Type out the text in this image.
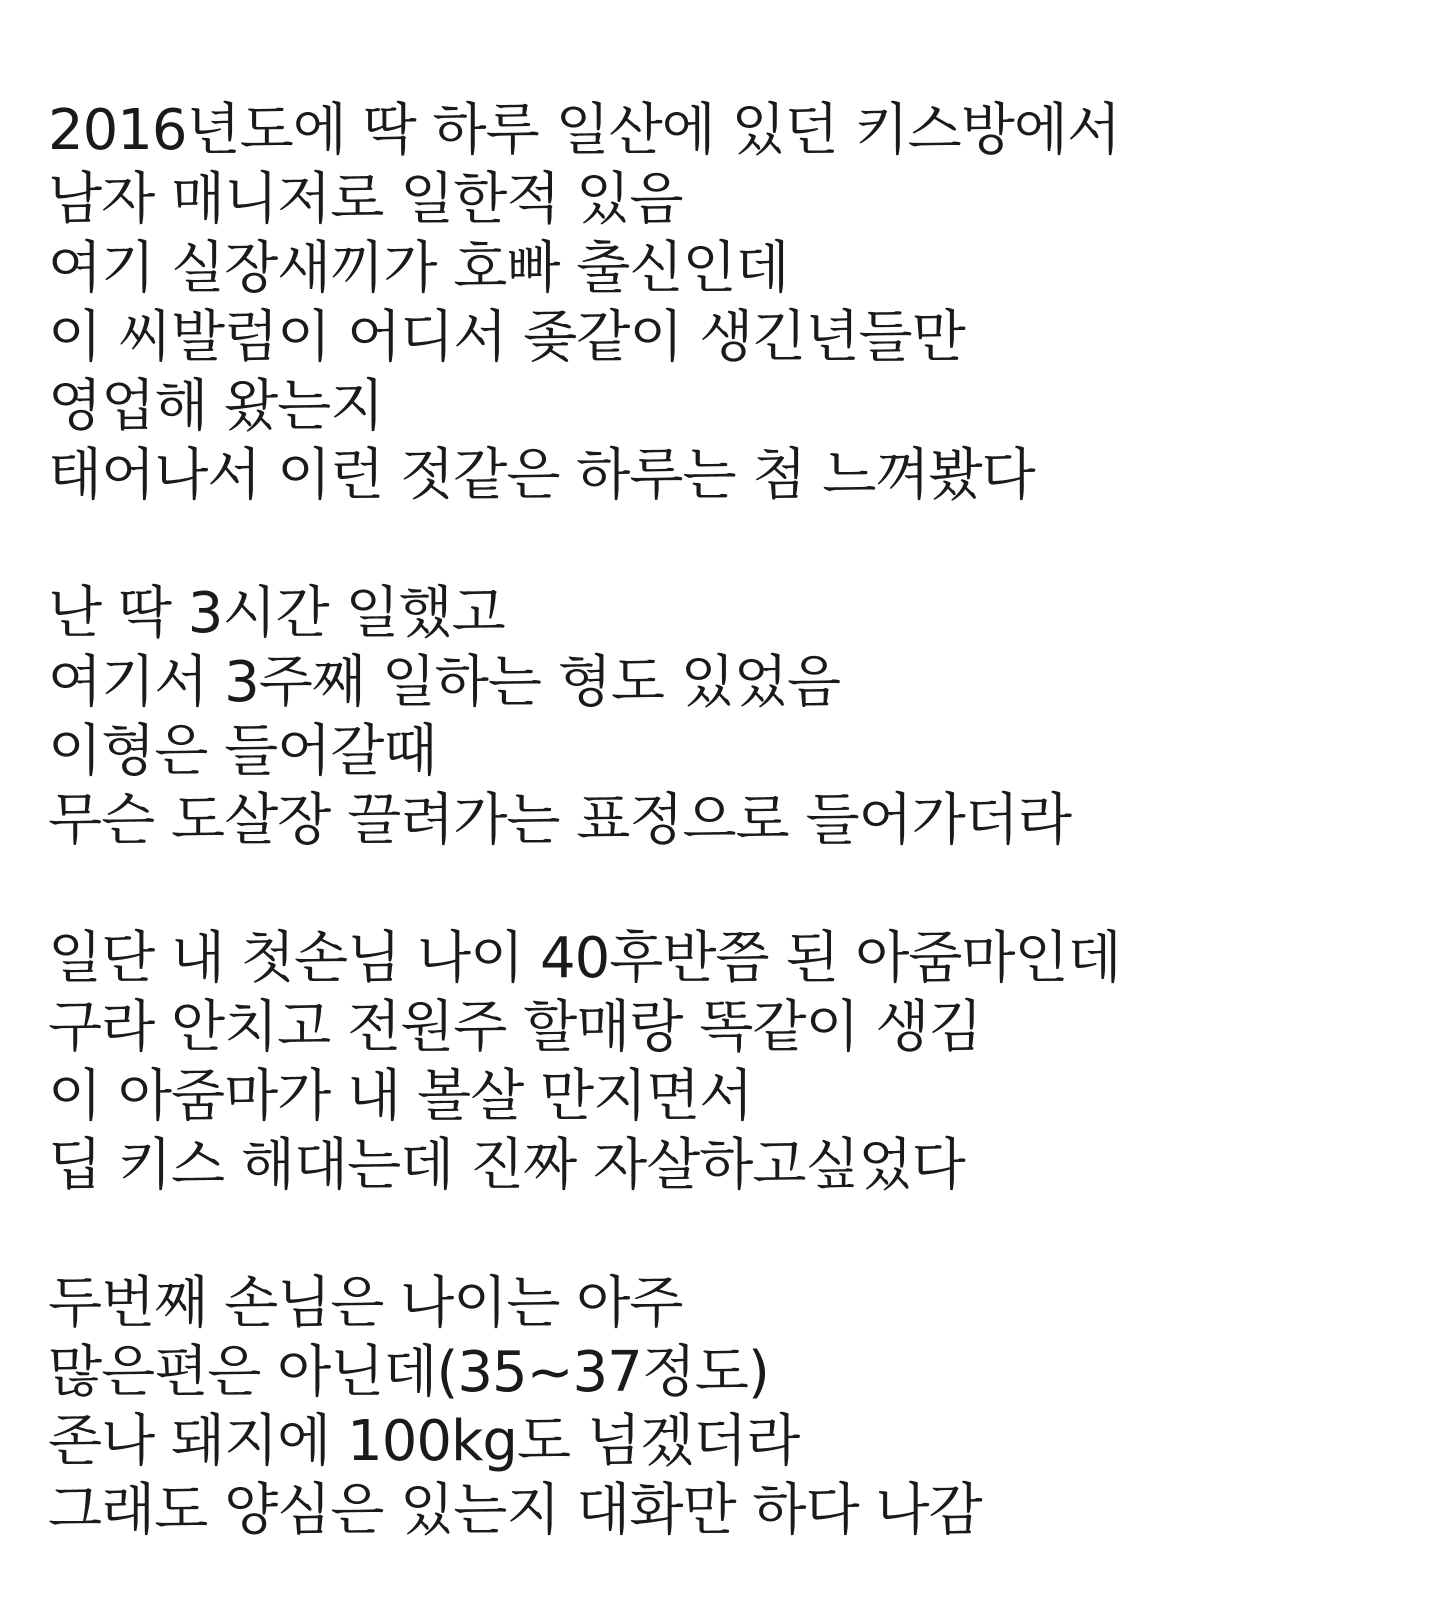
2016년도에 딱 하루 일산에 있던 키스방에서
남자 매니저로 일한적 있음
여기 실장새끼가 호빠 출신인데
이 씨발럼이 어디서 좆같이 생긴년들만
영업해 왔는지
태어나서 이런 젓같은 하루는 첨 느껴봤다
난 딱 3시간 일했고
여기서 3주째 일하는 형도 있었음
이형은 들어갈때
무슨 도살장 끌려가는 표정으로 들어가더라
일단 내 첫손님 나이 40후반쯤 된 아줌마인데
구라 안치고 전원주 할매랑 똑같이 생김
이 아줌마가 내 볼살 만지면서
딥 키스 해대는데 진짜 자살하고싶었다
두번째 손님은 나이는 아주
많은편은 아닌데(35~37정도)
존나 돼지에 100kg도 넘겠더라
그래도 양심은 있는지 대화만 하다 나감
